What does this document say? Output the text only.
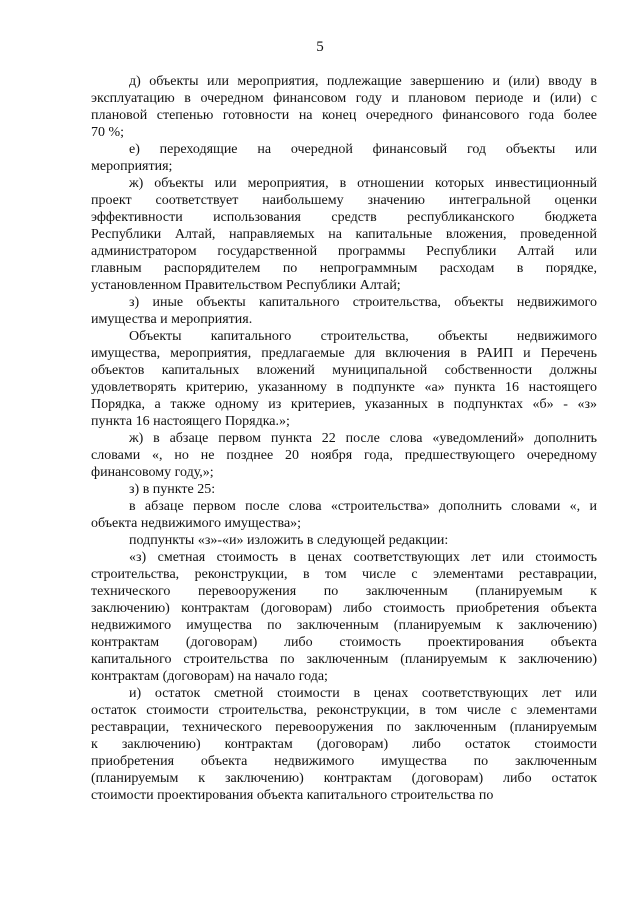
5

д) объекты или мероприятия, подлежащие завершению и (или) вводу в
эксплуатацию в очередном финансовом году и плановом периоде и (или) с
плановой степенью готовности на конец очередного финансового года более
70 %;

е) переходящие на очередной финансовый год объекты или
мероприятия;

ж) объекты или мероприятия, в отношении которых инвестиционный
проект соответствует наибольшему значению интегральной оценки
эффективности использования средств республиканского бюджета
Республики Алтай, направляемых на капитальные вложения, проведенной
администратором государственной программы Республики Алтай или
главным распорядителем по непрограммным расходам в порядке,
установленном Правительством Республики Алтай;

з) иные объекты капитального строительства, объекты недвижимого
имущества и мероприятия.

Объекты капитального строительства, объекты недвижимого
имущества, мероприятия, предлагаемые для включения в РАИП и Перечень
объектов капитальных вложений муниципальной собственности должны
удовлетворять критерию, указанному в подпункте «а» пункта 16 настоящего
Порядка, а также одному из критериев, указанных в подпунктах «б» - «з»
пункта 16 настоящего Порядка.»;

ж) в абзаце первом пункта 22 после слова «уведомлений» дополнить
словами «, но не позднее 20 ноября года, предшествующего очередному
финансовому году,»;

з) в пункте 25:

в абзаце первом после слова «строительства» дополнить словами «, и
объекта недвижимого имущества»;

подпункты «з»-«и» изложить в следующей редакции:

«з) сметная стоимость в ценах соответствующих лет или стоимость
строительства, реконструкции, в том числе с элементами реставрации,
технического перевооружения по заключенным (планируемым к
заключению) контрактам (договорам) либо стоимость приобретения объекта
недвижимого имущества по заключенным (планируемым к заключению)
контрактам (договорам) либо стоимость проектирования объекта
капитального строительства по заключенным (планируемым к заключению)
контрактам (договорам) на начало года;

и) остаток сметной стоимости в ценах соответствующих лет или
остаток стоимости строительства, реконструкции, в том числе с элементами
реставрации, технического перевооружения по заключенным (планируемым
к заключению) контрактам (договорам) либо остаток стоимости
приобретения объекта недвижимого имущества по заключенным
(планируемым к заключению) контрактам (договорам) либо остаток
стоимости проектирования объекта капитального строительства по
